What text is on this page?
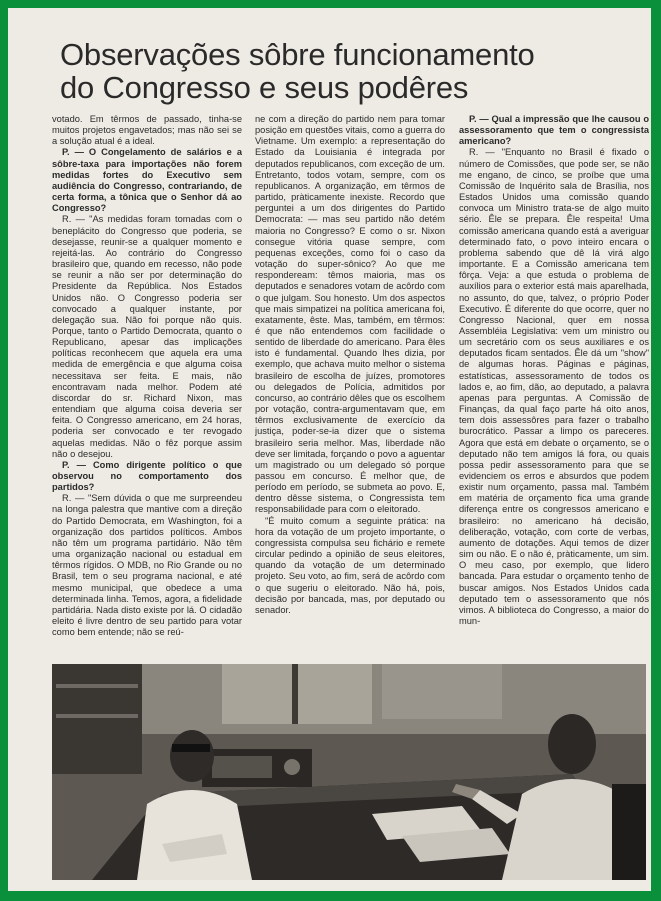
Observações sôbre funcionamento
do Congresso e seus podêres

votado. Em têrmos de passado, tinha-se muitos projetos engavetados; mas não sei se a solução atual é a ideal.

P. — O Congelamento de salários e a sôbre-taxa para importações não forem medidas fortes do Executivo sem audiência do Congresso, contrariando, de certa forma, a tônica que o Senhor dá ao Congresso?

R. — "As medidas foram tomadas com o beneplácito do Congresso que poderia, se desejasse, reunir-se a qualquer momento e rejeitá-las. Ao contrário do Congresso brasileiro que, quando em recesso, não pode se reunir a não ser por determinação do Presidente da República. Nos Estados Unidos não. O Congresso poderia ser convocado a qualquer instante, por delegação sua. Não foi porque não quis. Porque, tanto o Partido Democrata, quanto o Republicano, apesar das implicações políticas reconhecem que aquela era uma medida de emergência e que alguma coisa necessitava ser feita. E mais, não encontravam nada melhor. Podem até discordar do sr. Richard Nixon, mas entendiam que alguma coisa deveria ser feita. O Congresso americano, em 24 horas, poderia ser convocado e ter revogado aquelas medidas. Não o fêz porque assim não o desejou.

P. — Como dirigente político o que observou no comportamento dos partidos?

R. — "Sem dúvida o que me surpreendeu na longa palestra que mantive com a direção do Partido Democrata, em Washington, foi a organização dos partidos políticos. Ambos não têm um programa partidário. Não têm uma organização nacional ou estadual em têrmos rígidos. O MDB, no Rio Grande ou no Brasil, tem o seu programa nacional, e até mesmo municipal, que obedece a uma determinada linha. Temos, agora, a fidelidade partidária. Nada disto existe por lá. O cidadão eleito é livre dentro de seu partido para votar como bem entende; não se reú-

ne com a direção do partido nem para tomar posição em questões vitais, como a guerra do Vietname. Um exemplo: a representação do Estado da Louisiania é integrada por deputados republicanos, com exceção de um. Entretanto, todos votam, sempre, com os republicanos. A organização, em têrmos de partido, pràticamente inexiste. Recordo que perguntei a um dos dirigentes do Partido Democrata: — mas seu partido não detém maioria no Congresso? E como o sr. Nixon consegue vitória quase sempre, com pequenas exceções, como foi o caso da votação do super-sônico? Ao que me respondeream: têmos maioria, mas os deputados e senadores votam de acôrdo com o que julgam. Sou honesto. Um dos aspectos que mais simpatizei na política americana foi, exatamente, êste. Mas, também, em têrmos: é que não entendemos com facilidade o sentido de liberdade do americano. Para êles isto é fundamental. Quando lhes dizia, por exemplo, que achava muito melhor o sistema brasileiro de escolha de juízes, promotores ou delegados de Polícia, admitidos por concurso, ao contrário dêles que os escolhem por votação, contra-argumentavam que, em têrmos exclusivamente de exercício da justiça, poder-se-ia dizer que o sistema brasileiro seria melhor. Mas, liberdade não deve ser limitada, forçando o povo a aguentar um magistrado ou um delegado só porque passou em concurso. É melhor que, de período em período, se submeta ao povo. E, dentro dêsse sistema, o Congressista tem responsabilidade para com o eleitorado.

"É muito comum a seguinte prática: na hora da votação de um projeto importante, o congressista compulsa seu fichário e remete circular pedindo a opinião de seus eleitores, quando da votação de um determinado projeto. Seu voto, ao fim, será de acôrdo com o que sugeriu o eleitorado. Não há, pois, decisão por bancada, mas, por deputado ou senador.

P. — Qual a impressão que lhe causou o assessoramento que tem o congressista americano?

R. — "Enquanto no Brasil é fixado o número de Comissões, que pode ser, se não me engano, de cinco, se proíbe que uma Comissão de Inquérito sala de Brasília, nos Estados Unidos uma comissão quando convoca um Ministro trata-se de algo muito sério. Êle se prepara. Êle respeita! Uma comissão americana quando está a averiguar determinado fato, o povo inteiro encara o problema sabendo que dê lá virá algo importante. E a Comissão americana tem fôrça. Veja: a que estuda o problema de auxílios para o exterior está mais aparelhada, no assunto, do que, talvez, o próprio Poder Executivo. É diferente do que ocorre, quer no Congresso Nacional, quer em nossa Assembléia Legislativa: vem um ministro ou um secretário com os seus auxiliares e os deputados ficam sentados. Êle dá um "show" de algumas horas. Páginas e páginas, estatísticas, assessoramento de todos os lados e, ao fim, dão, ao deputado, a palavra apenas para perguntas. A Comissão de Finanças, da qual faço parte há oito anos, tem dois assessôres para fazer o trabalho burocrático. Passar a limpo os pareceres. Agora que está em debate o orçamento, se o deputado não tem amigos lá fora, ou quais possa pedir assessoramento para que se evidenciem os erros e absurdos que podem existir num orçamento, passa mal. Também em matéria de orçamento fica uma grande diferença entre os congressos americano e brasileiro: no americano há decisão, deliberação, votação, com corte de verbas, aumento de dotações. Aqui temos de dizer sim ou não. E o não é, pràticamente, um sim. O meu caso, por exemplo, que lidero bancada. Para estudar o orçamento tenho de buscar amigos. Nos Estados Unidos cada deputado tem o assessoramento que nós vimos. A biblioteca do Congresso, a maior do mun-
